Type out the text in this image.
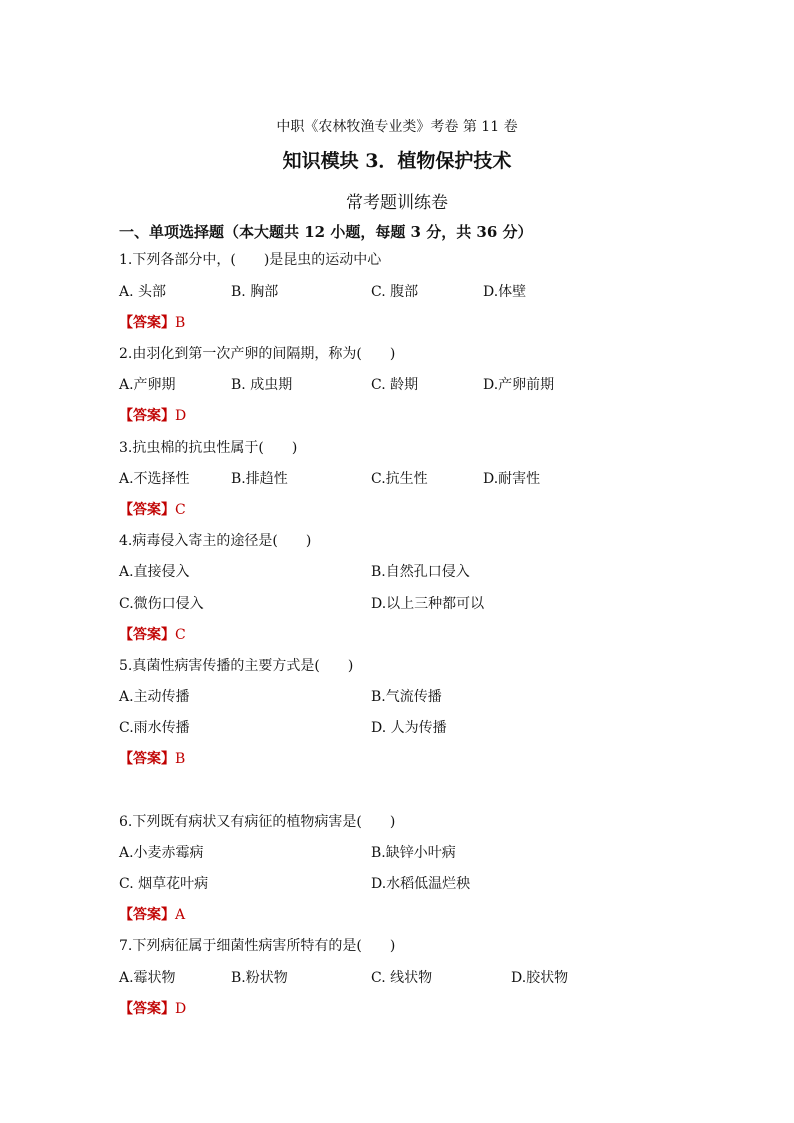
中职《农林牧渔专业类》考卷 第 11 卷
知识模块 3．植物保护技术
常考题训练卷
一、单项选择题（本大题共 12 小题，每题 3 分，共 36 分）
1.下列各部分中，(　　)是昆虫的运动中心
A. 头部	B. 胸部	C. 腹部	D.体壁
【答案】B
2.由羽化到第一次产卵的间隔期，称为(　　)
A.产卵期	B. 成虫期	C. 龄期	D.产卵前期
【答案】D
3.抗虫棉的抗虫性属于(　　)
A.不选择性	B.排趋性	C.抗生性	D.耐害性
【答案】C
4.病毒侵入寄主的途径是(　　)
A.直接侵入	B.自然孔口侵入
C.微伤口侵入	D.以上三种都可以
【答案】C
5.真菌性病害传播的主要方式是(　　)
A.主动传播	B.气流传播
C.雨水传播	D. 人为传播
【答案】B
6.下列既有病状又有病征的植物病害是(　　)
A.小麦赤霉病	B.缺锌小叶病
C. 烟草花叶病	D.水稻低温烂秧
【答案】A
7.下列病征属于细菌性病害所特有的是(　　)
A.霉状物	B.粉状物	C. 线状物	D.胶状物
【答案】D
